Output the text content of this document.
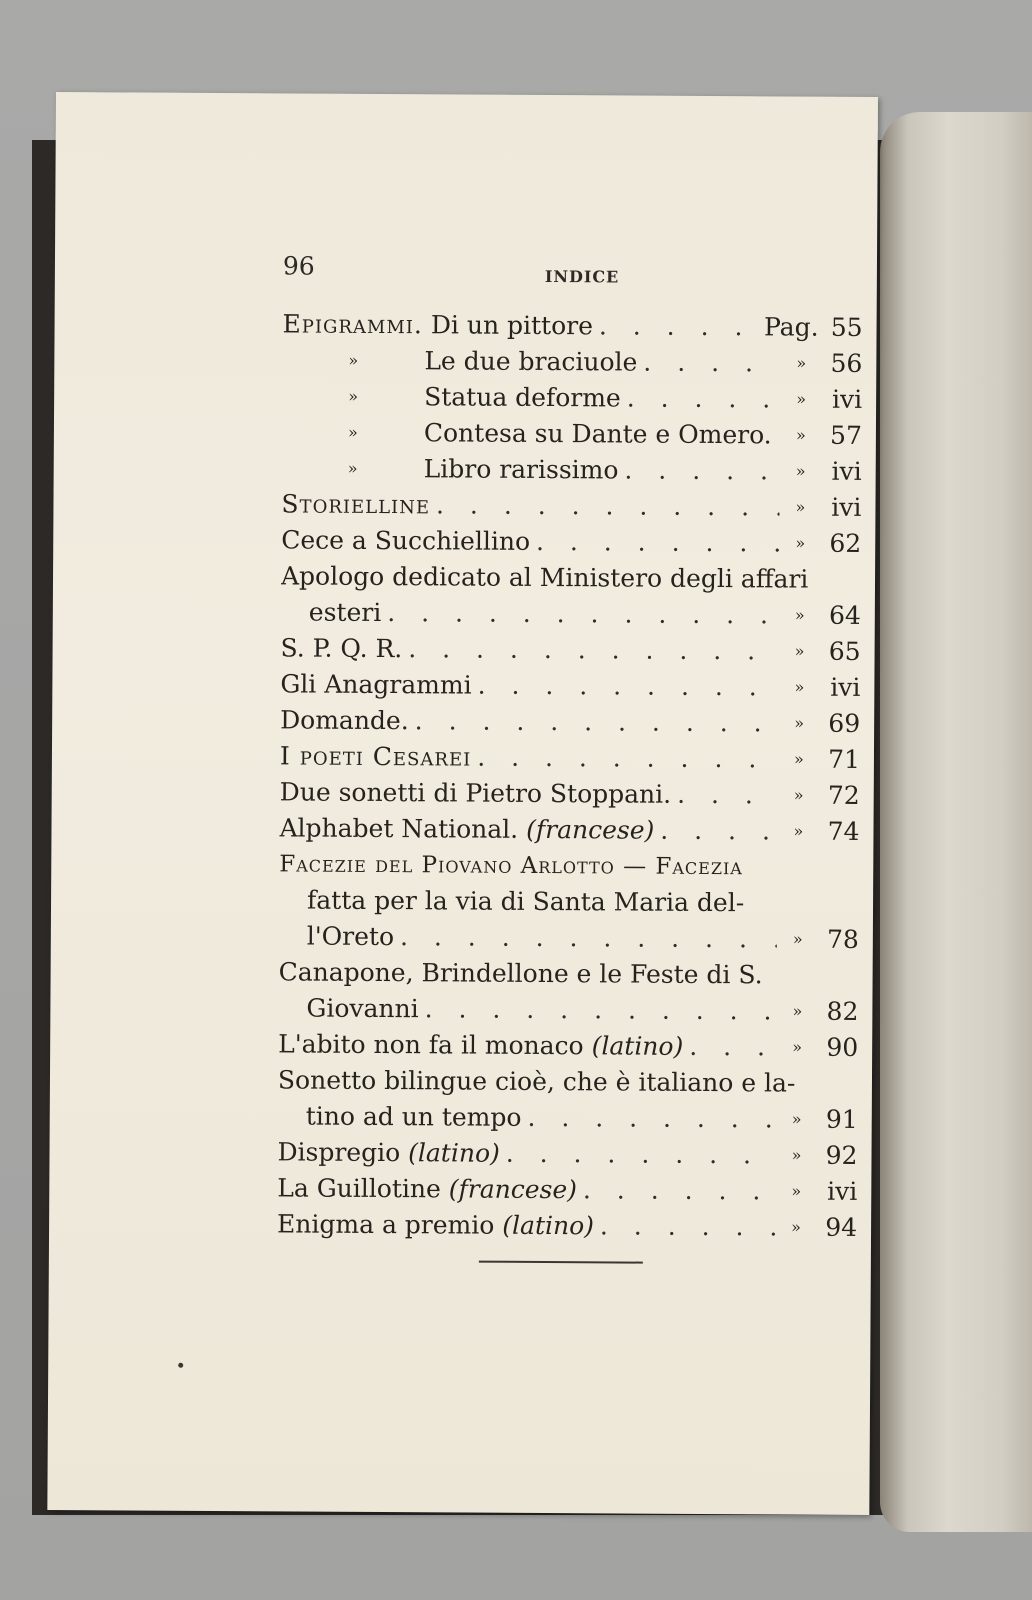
96	INDICE
Epigrammi. Di un pittore . . .	Pag. 55
»	Le due braciuole . . .	» 56
»	Statua deforme . . .	»	ivi
»	Contesa su Dante e Omero. . . .	» 57
»	Libro rarissimo . . .	»	ivi
Storielline . . .	»	ivi
Cece a Succhiellino . . .	» 62
Apologo dedicato al Ministero degli affari
esteri . . .	» 64
S. P. Q. R. . . .	» 65
Gli Anagrammi . . .	»	ivi
Domande. . . .	» 69
I poeti Cesarei . . .	» 71
Due sonetti di Pietro Stoppani. . . .	» 72
Alphabet National. (francese) . . .	» 74
Facezie del Piovano Arlotto — Facezia
fatta per la via di Santa Maria del-
l'Oreto . . .	» 78
Canapone, Brindellone e le Feste di S.
Giovanni . . .	» 82
L'abito non fa il monaco (latino) . . .	» 90
Sonetto bilingue cioè, che è italiano e la-
tino ad un tempo . . .	» 91
Dispregio (latino) . . .	» 92
La Guillotine (francese) . . .	»	ivi
Enigma a premio (latino) . . .	» 94
